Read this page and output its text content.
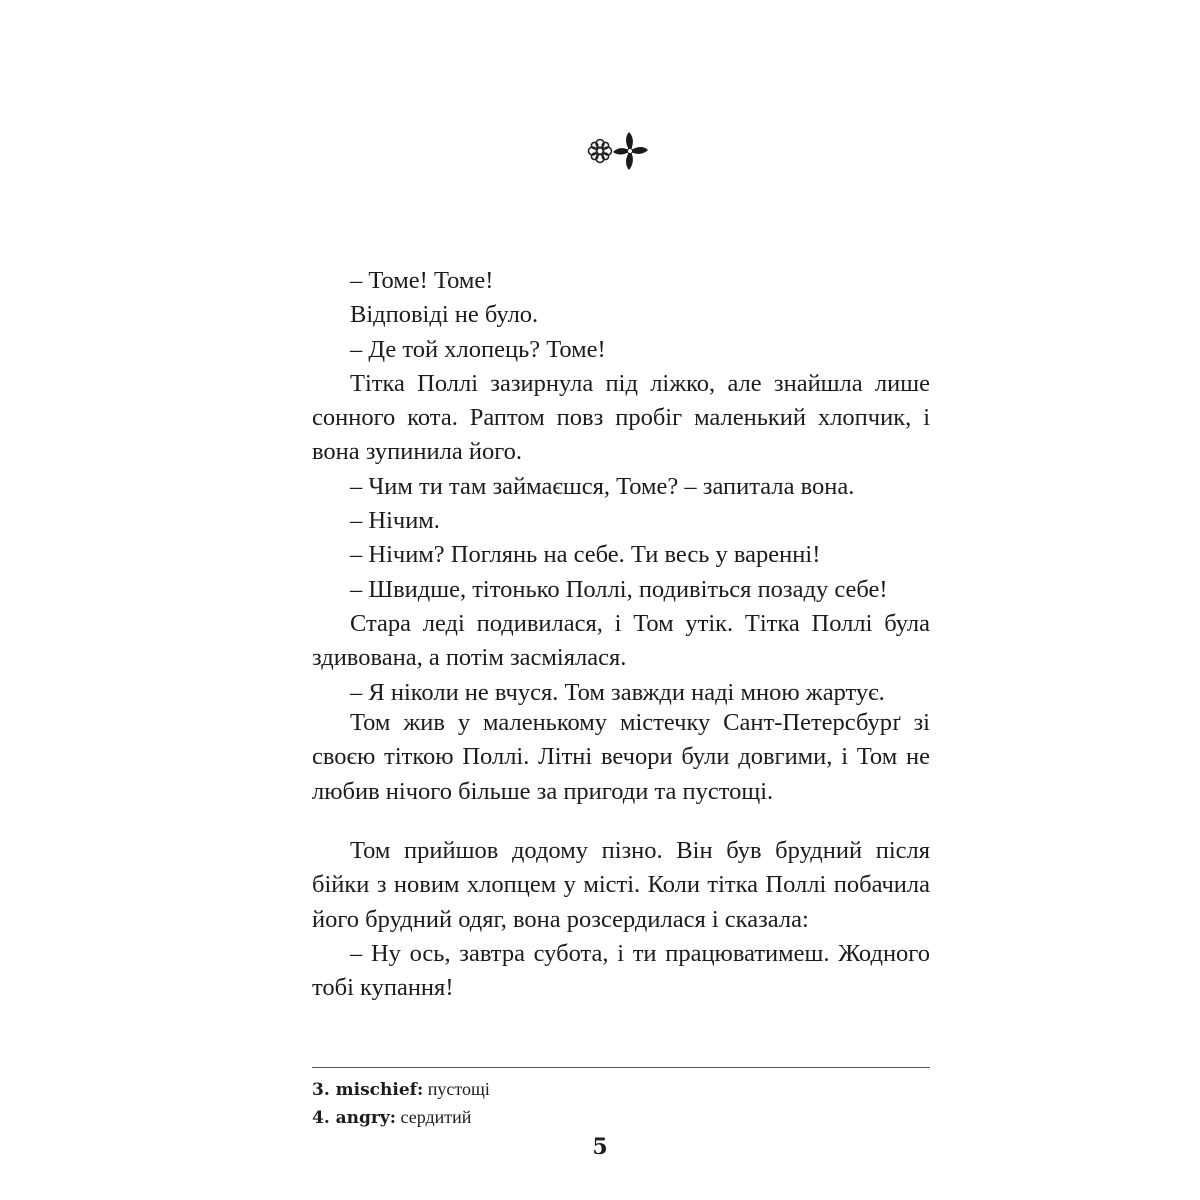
– Томе! Томе!

Відповіді не було.

– Де той хлопець? Томе!

Тітка Поллі зазирнула під ліжко, але знайшла лише сонного кота. Раптом повз пробіг маленький хлопчик, і вона зупинила його.

– Чим ти там займаєшся, Томе? – запитала вона.

– Нічим.

– Нічим? Поглянь на себе. Ти весь у варенні!

– Швидше, тітонько Поллі, подивіться позаду себе!

Стара леді подивилася, і Том утік. Тітка Поллі була здивована, а потім засміялася.

– Я ніколи не вчуся. Том завжди наді мною жартує.

Том жив у маленькому містечку Сант-Петерсбурґ зі своєю тіткою Поллі. Літні вечори були довгими, і Том не любив нічого більше за пригоди та пустощі.

Том прийшов додому пізно. Він був брудний після бійки з новим хлопцем у місті. Коли тітка Поллі побачила його брудний одяг, вона розсердилася і сказала:

– Ну ось, завтра субота, і ти працюватимеш. Жодного тобі купання!

3. mischief: пустощі
4. angry: сердитий
5
